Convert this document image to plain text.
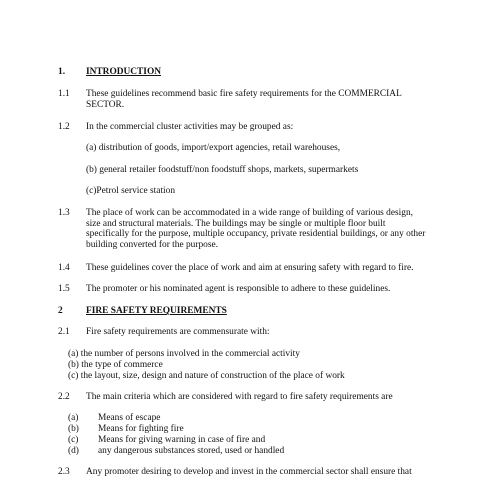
1. INTRODUCTION
1.1 These guidelines recommend basic fire safety requirements for the COMMERCIAL SECTOR.
1.2 In the commercial cluster activities may be grouped as:
(a) distribution of goods, import/export agencies, retail warehouses,
(b) general retailer foodstuff/non foodstuff shops, markets, supermarkets
(c)Petrol service station
1.3 The place of work can be accommodated in a wide range of building of various design, size and structural materials. The buildings may be single or multiple floor built specifically for the purpose, multiple occupancy, private residential buildings, or any other building converted for the purpose.
1.4 These guidelines cover the place of work and aim at ensuring safety with regard to fire.
1.5 The promoter or his nominated agent is responsible to adhere to these guidelines.
2 FIRE SAFETY REQUIREMENTS
2.1 Fire safety requirements are commensurate with:
(a) the number of persons involved in the commercial activity
(b) the type of commerce
(c) the layout, size, design and nature of construction of the place of work
2.2 The main criteria which are considered with regard to fire safety requirements are
(a) Means of escape
(b) Means for fighting fire
(c) Means for giving warning in case of fire and
(d) any dangerous substances stored, used or handled
2.3 Any promoter desiring to develop and invest in the commercial sector shall ensure that
